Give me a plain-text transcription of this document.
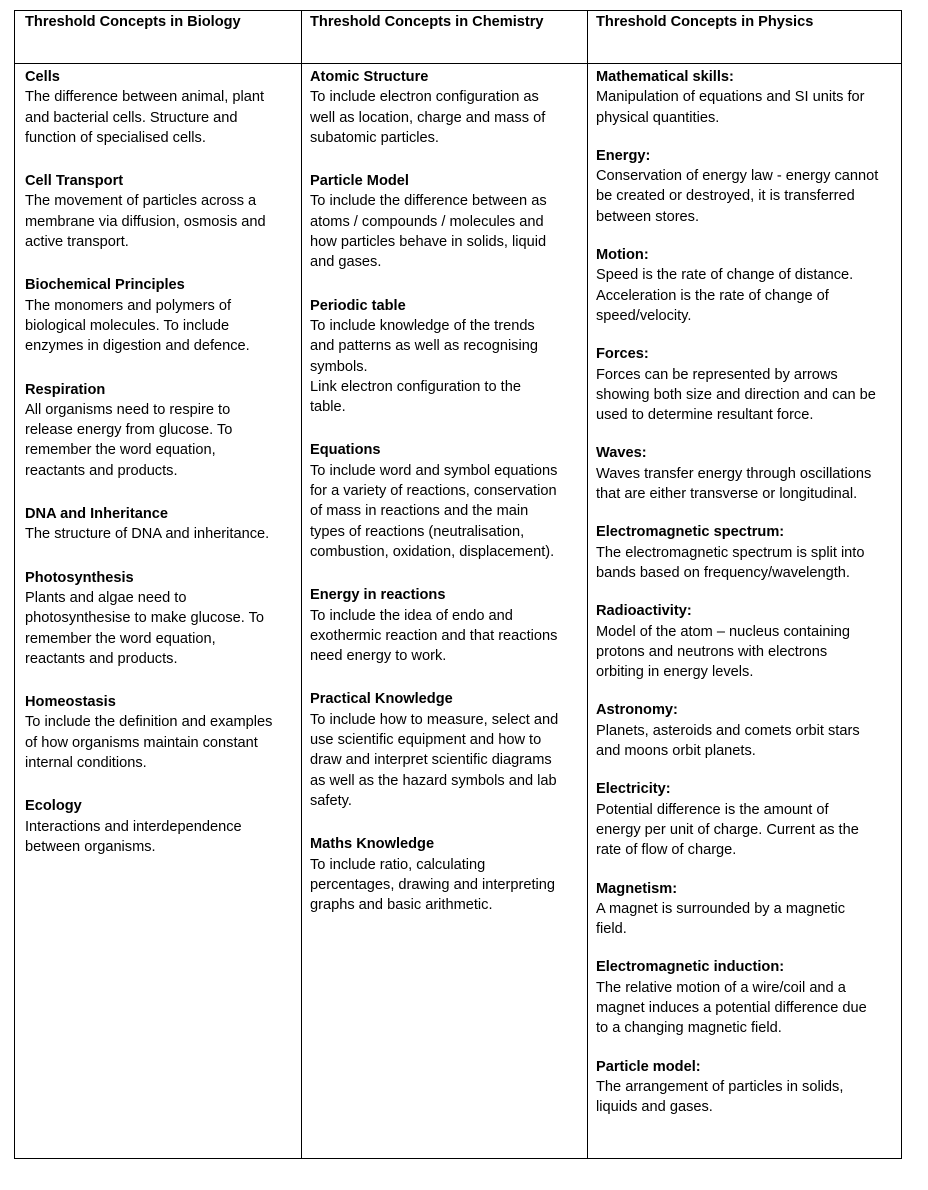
Threshold Concepts in Biology
Cells
The difference between animal, plant
and bacterial cells. Structure and
function of specialised cells.
Cell Transport
The movement of particles across a
membrane via diffusion, osmosis and
active transport.
Biochemical Principles
The monomers and polymers of
biological molecules. To include
enzymes in digestion and defence.
Respiration
All organisms need to respire to
release energy from glucose. To
remember the word equation,
reactants and products.
DNA and Inheritance
The structure of DNA and inheritance.
Photosynthesis
Plants and algae need to
photosynthesise to make glucose. To
remember the word equation,
reactants and products.
Homeostasis
To include the definition and examples
of how organisms maintain constant
internal conditions.
Ecology
Interactions and interdependence
between organisms.
Threshold Concepts in Chemistry
Atomic Structure
To include electron configuration as
well as location, charge and mass of
subatomic particles.
Particle Model
To include the difference between as
atoms / compounds / molecules and
how particles behave in solids, liquid
and gases.
Periodic table
To include knowledge of the trends
and patterns as well as recognising
symbols.
Link electron configuration to the
table.
Equations
To include word and symbol equations
for a variety of reactions, conservation
of mass in reactions and the main
types of reactions (neutralisation,
combustion, oxidation, displacement).
Energy in reactions
To include the idea of endo and
exothermic reaction and that reactions
need energy to work.
Practical Knowledge
To include how to measure, select and
use scientific equipment and how to
draw and interpret scientific diagrams
as well as the hazard symbols and lab
safety.
Maths Knowledge
To include ratio, calculating
percentages, drawing and interpreting
graphs and basic arithmetic.
Threshold Concepts in Physics
Mathematical skills:
Manipulation of equations and SI units for
physical quantities.
Energy:
Conservation of energy law - energy cannot
be created or destroyed, it is transferred
between stores.
Motion:
Speed is the rate of change of distance.
Acceleration is the rate of change of
speed/velocity.
Forces:
Forces can be represented by arrows
showing both size and direction and can be
used to determine resultant force.
Waves:
Waves transfer energy through oscillations
that are either transverse or longitudinal.
Electromagnetic spectrum:
The electromagnetic spectrum is split into
bands based on frequency/wavelength.
Radioactivity:
Model of the atom – nucleus containing
protons and neutrons with electrons
orbiting in energy levels.
Astronomy:
Planets, asteroids and comets orbit stars
and moons orbit planets.
Electricity:
Potential difference is the amount of
energy per unit of charge. Current as the
rate of flow of charge.
Magnetism:
A magnet is surrounded by a magnetic
field.
Electromagnetic induction:
The relative motion of a wire/coil and a
magnet induces a potential difference due
to a changing magnetic field.
Particle model:
The arrangement of particles in solids,
liquids and gases.
